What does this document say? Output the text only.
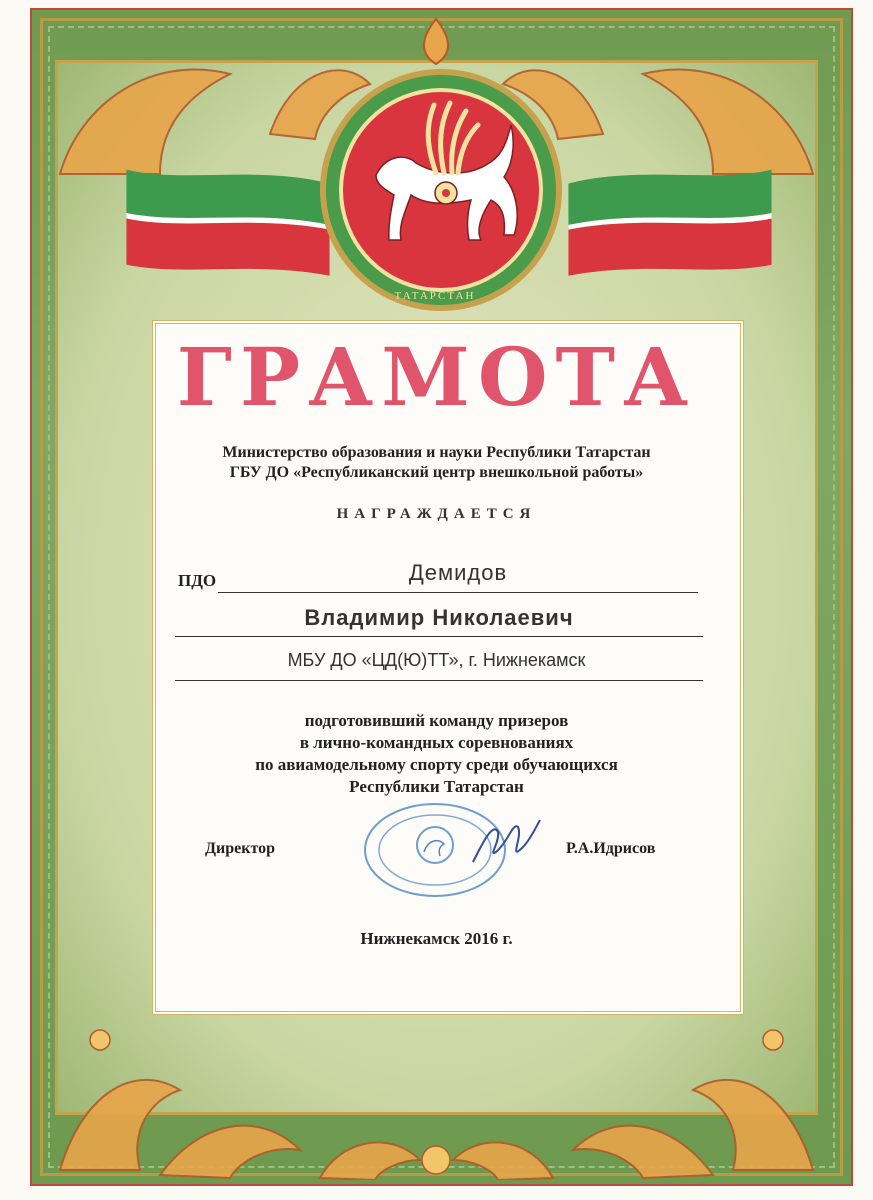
ТАТАРСТАН
ГРАМОТА
Министерство образования и науки Республики Татарстан
ГБУ ДО «Республиканский центр внешкольной работы»
НАГРАЖДАЕТСЯ
ПДО	Демидов
Владимир Николаевич
МБУ ДО «ЦД(Ю)ТТ», г. Нижнекамск
подготовивший команду призеров
в лично-командных соревнованиях
по авиамодельному спорту среди обучающихся
Республики Татарстан
Директор	Р.А.Идрисов
Нижнекамск 2016 г.
